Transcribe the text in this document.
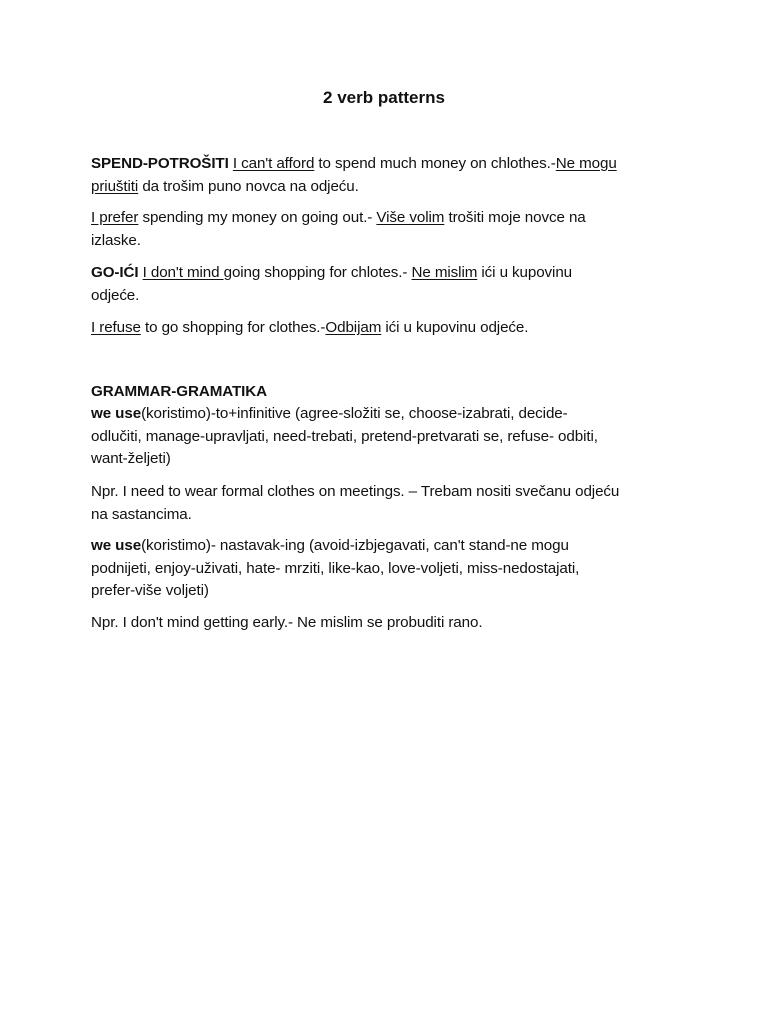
2 verb patterns

SPEND-POTROŠITI I can't afford to spend much money on chlothes.-Ne mogu
priuštiti da trošim puno novca na odjeću.

I prefer spending my money on going out.- Više volim trošiti moje novce na
izlaske.

GO-IĆI I don't mind going shopping for chlotes.- Ne mislim ići u kupovinu
odjeće.

I refuse to go shopping for clothes.-Odbijam ići u kupovinu odjeće.

GRAMMAR-GRAMATIKA

we use(koristimo)-to+infinitive (agree-složiti se, choose-izabrati, decide-
odlučiti, manage-upravljati, need-trebati, pretend-pretvarati se, refuse- odbiti,
want-željeti)

Npr. I need to wear formal clothes on meetings. – Trebam nositi svečanu odjeću
na sastancima.

we use(koristimo)- nastavak-ing (avoid-izbjegavati, can't stand-ne mogu
podnijeti, enjoy-uživati, hate- mrziti, like-kao, love-voljeti, miss-nedostajati,
prefer-više voljeti)

Npr. I don't mind getting early.- Ne mislim se probuditi rano.
